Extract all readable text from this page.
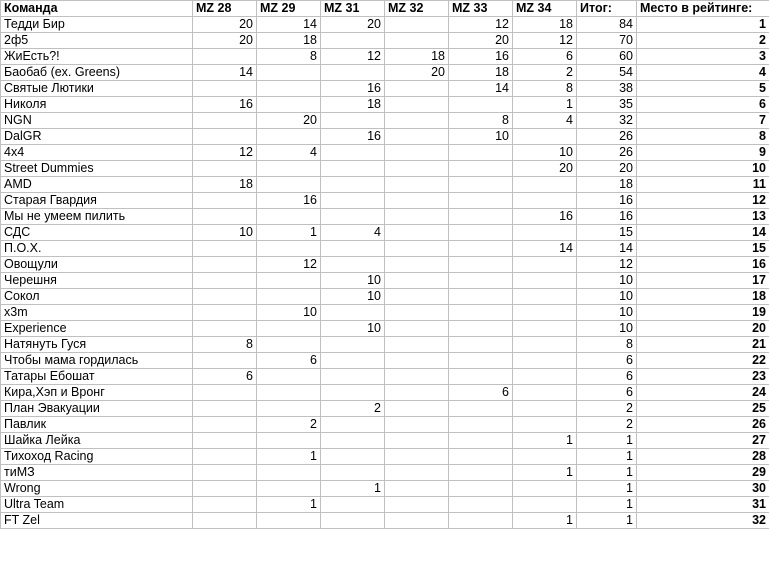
Команда	MZ 28	MZ 29	MZ 31	MZ 32	MZ 33	MZ 34	Итог:	Место в рейтинге:
Тедди Бир	20	14	20		12	18	84	1
2ф5	20	18			20	12	70	2
ЖиЕсть?!		8	12	18	16	6	60	3
Баобаб (ex. Greens)	14			20	18	2	54	4
Святые Лютики			16		14	8	38	5
Николя	16		18			1	35	6
NGN		20			8	4	32	7
DalGR			16		10		26	8
4x4	12	4				10	26	9
Street Dummies						20	20	10
AMD	18						18	11
Старая Гвардия		16					16	12
Мы не умеем пилить						16	16	13
СДС	10	1	4				15	14
П.О.Х.						14	14	15
Овощули		12					12	16
Черешня			10				10	17
Сокол			10				10	18
x3m		10					10	19
Experience			10				10	20
Натянуть Гуся	8						8	21
Чтобы мама гордилась		6					6	22
Татары Ебошат	6						6	23
Кира,Хэп и Вронг					6		6	24
План Эвакуации			2				2	25
Павлик		2					2	26
Шайка Лейка						1	1	27
Тихоход Racing		1					1	28
тиМЗ						1	1	29
Wrong			1				1	30
Ultra Team		1					1	31
FT Zel						1	1	32
